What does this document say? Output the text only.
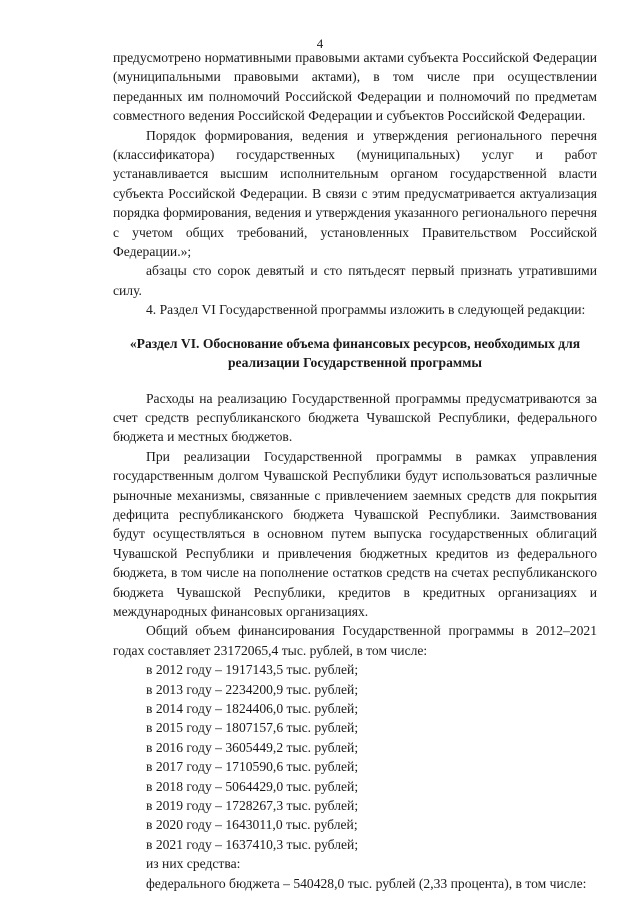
4

предусмотрено нормативными правовыми актами субъекта Российской Федерации (муниципальными правовыми актами), в том числе при осуществлении переданных им полномочий Российской Федерации и полномочий по предметам совместного ведения Российской Федерации и субъектов Российской Федерации.

Порядок формирования, ведения и утверждения регионального перечня (классификатора) государственных (муниципальных) услуг и работ устанавливается высшим исполнительным органом государственной власти субъекта Российской Федерации. В связи с этим предусматривается актуализация порядка формирования, ведения и утверждения указанного регионального перечня с учетом общих требований, установленных Правительством Российской Федерации.»;

абзацы сто сорок девятый и сто пятьдесят первый признать утратившими силу.

4. Раздел VI Государственной программы изложить в следующей редакции:

«Раздел VI. Обоснование объема финансовых ресурсов, необходимых для реализации Государственной программы

Расходы на реализацию Государственной программы предусматриваются за счет средств республиканского бюджета Чувашской Республики, федерального бюджета и местных бюджетов.

При реализации Государственной программы в рамках управления государственным долгом Чувашской Республики будут использоваться различные рыночные механизмы, связанные с привлечением заемных средств для покрытия дефицита республиканского бюджета Чувашской Республики. Заимствования будут осуществляться в основном путем выпуска государственных облигаций Чувашской Республики и привлечения бюджетных кредитов из федерального бюджета, в том числе на пополнение остатков средств на счетах республиканского бюджета Чувашской Республики, кредитов в кредитных организациях и международных финансовых организациях.

Общий объем финансирования Государственной программы в 2012–2021 годах составляет 23172065,4 тыс. рублей, в том числе:

в 2012 году – 1917143,5 тыс. рублей;

в 2013 году – 2234200,9 тыс. рублей;

в 2014 году – 1824406,0 тыс. рублей;

в 2015 году – 1807157,6 тыс. рублей;

в 2016 году – 3605449,2 тыс. рублей;

в 2017 году – 1710590,6 тыс. рублей;

в 2018 году – 5064429,0 тыс. рублей;

в 2019 году – 1728267,3 тыс. рублей;

в 2020 году – 1643011,0 тыс. рублей;

в 2021 году – 1637410,3 тыс. рублей;

из них средства:

федерального бюджета – 540428,0 тыс. рублей (2,33 процента), в том числе:
